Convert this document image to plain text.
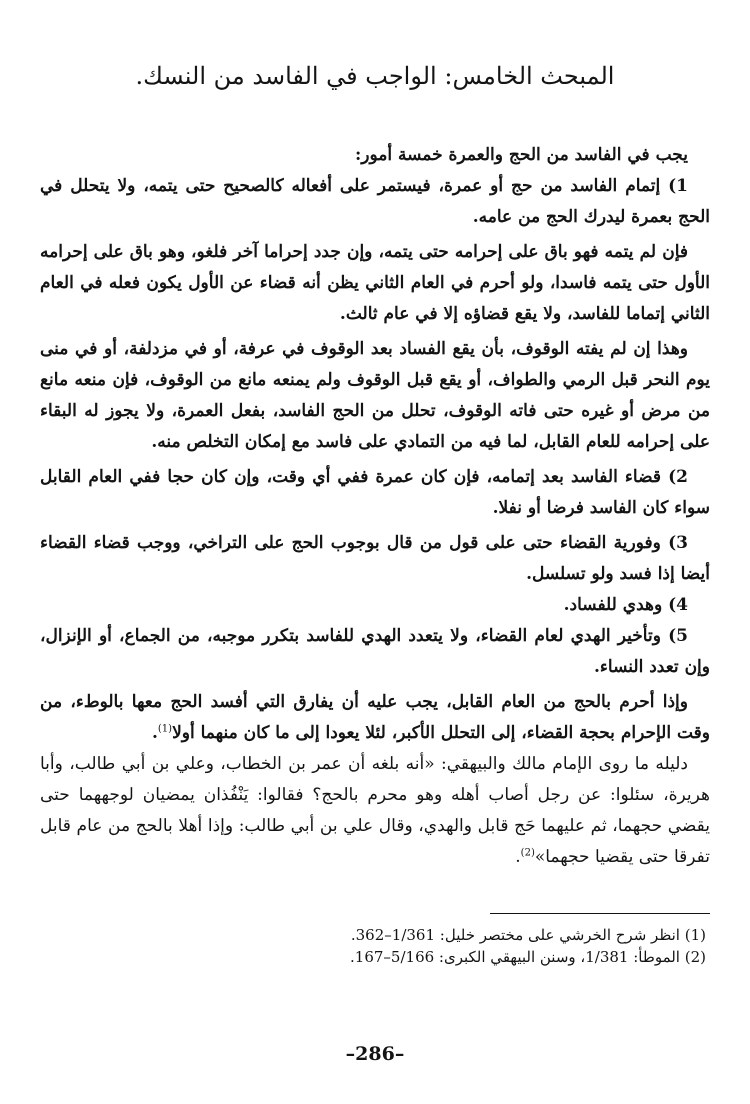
المبحث الخامس: الواجب في الفاسد من النسك.

يجب في الفاسد من الحج والعمرة خمسة أمور:

1) إتمام الفاسد من حج أو عمرة، فيستمر على أفعاله كالصحيح حتى يتمه، ولا يتحلل في الحج بعمرة ليدرك الحج من عامه.

فإن لم يتمه فهو باق على إحرامه حتى يتمه، وإن جدد إحراما آخر فلغو، وهو باق على إحرامه الأول حتى يتمه فاسدا، ولو أحرم في العام الثاني يظن أنه قضاء عن الأول يكون فعله في العام الثاني إتماما للفاسد، ولا يقع قضاؤه إلا في عام ثالث.

وهذا إن لم يفته الوقوف، بأن يقع الفساد بعد الوقوف في عرفة، أو في مزدلفة، أو في منى يوم النحر قبل الرمي والطواف، أو يقع قبل الوقوف ولم يمنعه مانع من الوقوف، فإن منعه مانع من مرض أو غيره حتى فاته الوقوف، تحلل من الحج الفاسد، بفعل العمرة، ولا يجوز له البقاء على إحرامه للعام القابل، لما فيه من التمادي على فاسد مع إمكان التخلص منه.

2) قضاء الفاسد بعد إتمامه، فإن كان عمرة ففي أي وقت، وإن كان حجا ففي العام القابل سواء كان الفاسد فرضا أو نفلا.

3) وفورية القضاء حتى على قول من قال بوجوب الحج على التراخي، ووجب قضاء القضاء أيضا إذا فسد ولو تسلسل.

4) وهدي للفساد.

5) وتأخير الهدي لعام القضاء، ولا يتعدد الهدي للفاسد بتكرر موجبه، من الجماع، أو الإنزال، وإن تعدد النساء.

وإذا أحرم بالحج من العام القابل، يجب عليه أن يفارق التي أفسد الحج معها بالوطء، من وقت الإحرام بحجة القضاء، إلى التحلل الأكبر، لئلا يعودا إلى ما كان منهما أولا$^{(1)}$.

دليله ما روى الإمام مالك والبيهقي: «أنه بلغه أن عمر بن الخطاب، وعلي بن أبي طالب، وأبا هريرة، سئلوا: عن رجل أصاب أهله وهو محرم بالحج؟ فقالوا: يَنْفُذان يمضيان لوجههما حتى يقضي حجهما، ثم عليهما حَج قابل والهدي، وقال علي بن أبي طالب: وإذا أهلا بالحج من عام قابل تفرقا حتى يقضيا حجهما»$^{(2)}$.

(1) انظر شرح الخرشي على مختصر خليل: 1/361–362.

(2) الموطأ: 1/381، وسنن البيهقي الكبرى: 5/166–167.

–286–
